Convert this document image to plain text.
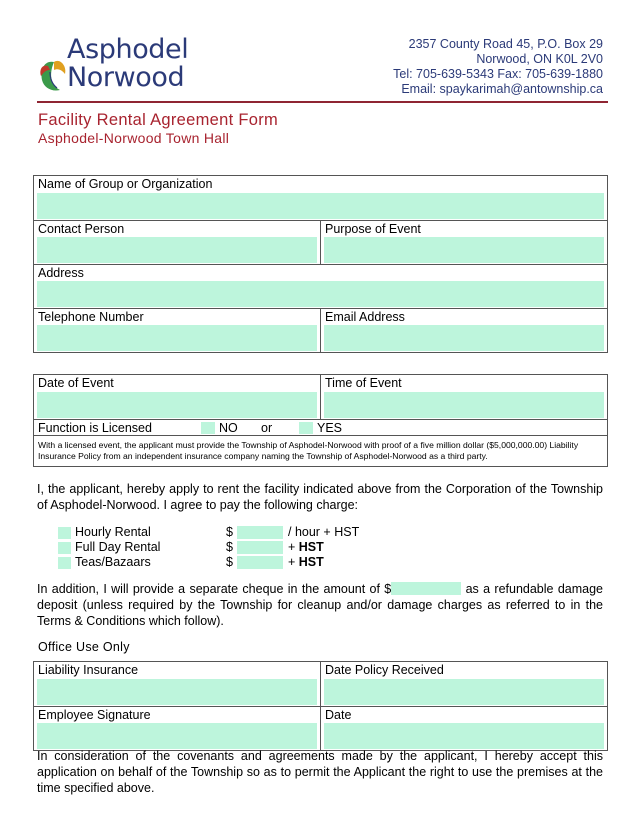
Asphodel
Norwood
2357 County Road 45, P.O. Box 29
Norwood, ON K0L 2V0
Tel: 705-639-5343 Fax: 705-639-1880
Email: spaykarimah@antownship.ca
Facility Rental Agreement Form
Asphodel-Norwood Town Hall
Name of Group or Organization
Contact Person	Purpose of Event
Address
Telephone Number	Email Address
Date of Event	Time of Event
Function is Licensed	NO or	YES
With a licensed event, the applicant must provide the Township of Asphodel-Norwood with proof of a five million dollar ($5,000,000.00) Liability Insurance Policy from an independent insurance company naming the Township of Asphodel-Norwood as a third party.
I, the applicant, hereby apply to rent the facility indicated above from the Corporation of the Township of Asphodel-Norwood. I agree to pay the following charge:
Hourly Rental	$	/ hour + HST
Full Day Rental	$	+ HST
Teas/Bazaars	$	+ HST
In addition, I will provide a separate cheque in the amount of $	as a refundable damage deposit (unless required by the Township for cleanup and/or damage charges as referred to in the Terms & Conditions which follow).
Office Use Only
Liability Insurance	Date Policy Received
Employee Signature	Date
In consideration of the covenants and agreements made by the applicant, I hereby accept this application on behalf of the Township so as to permit the Applicant the right to use the premises at the time specified above.
